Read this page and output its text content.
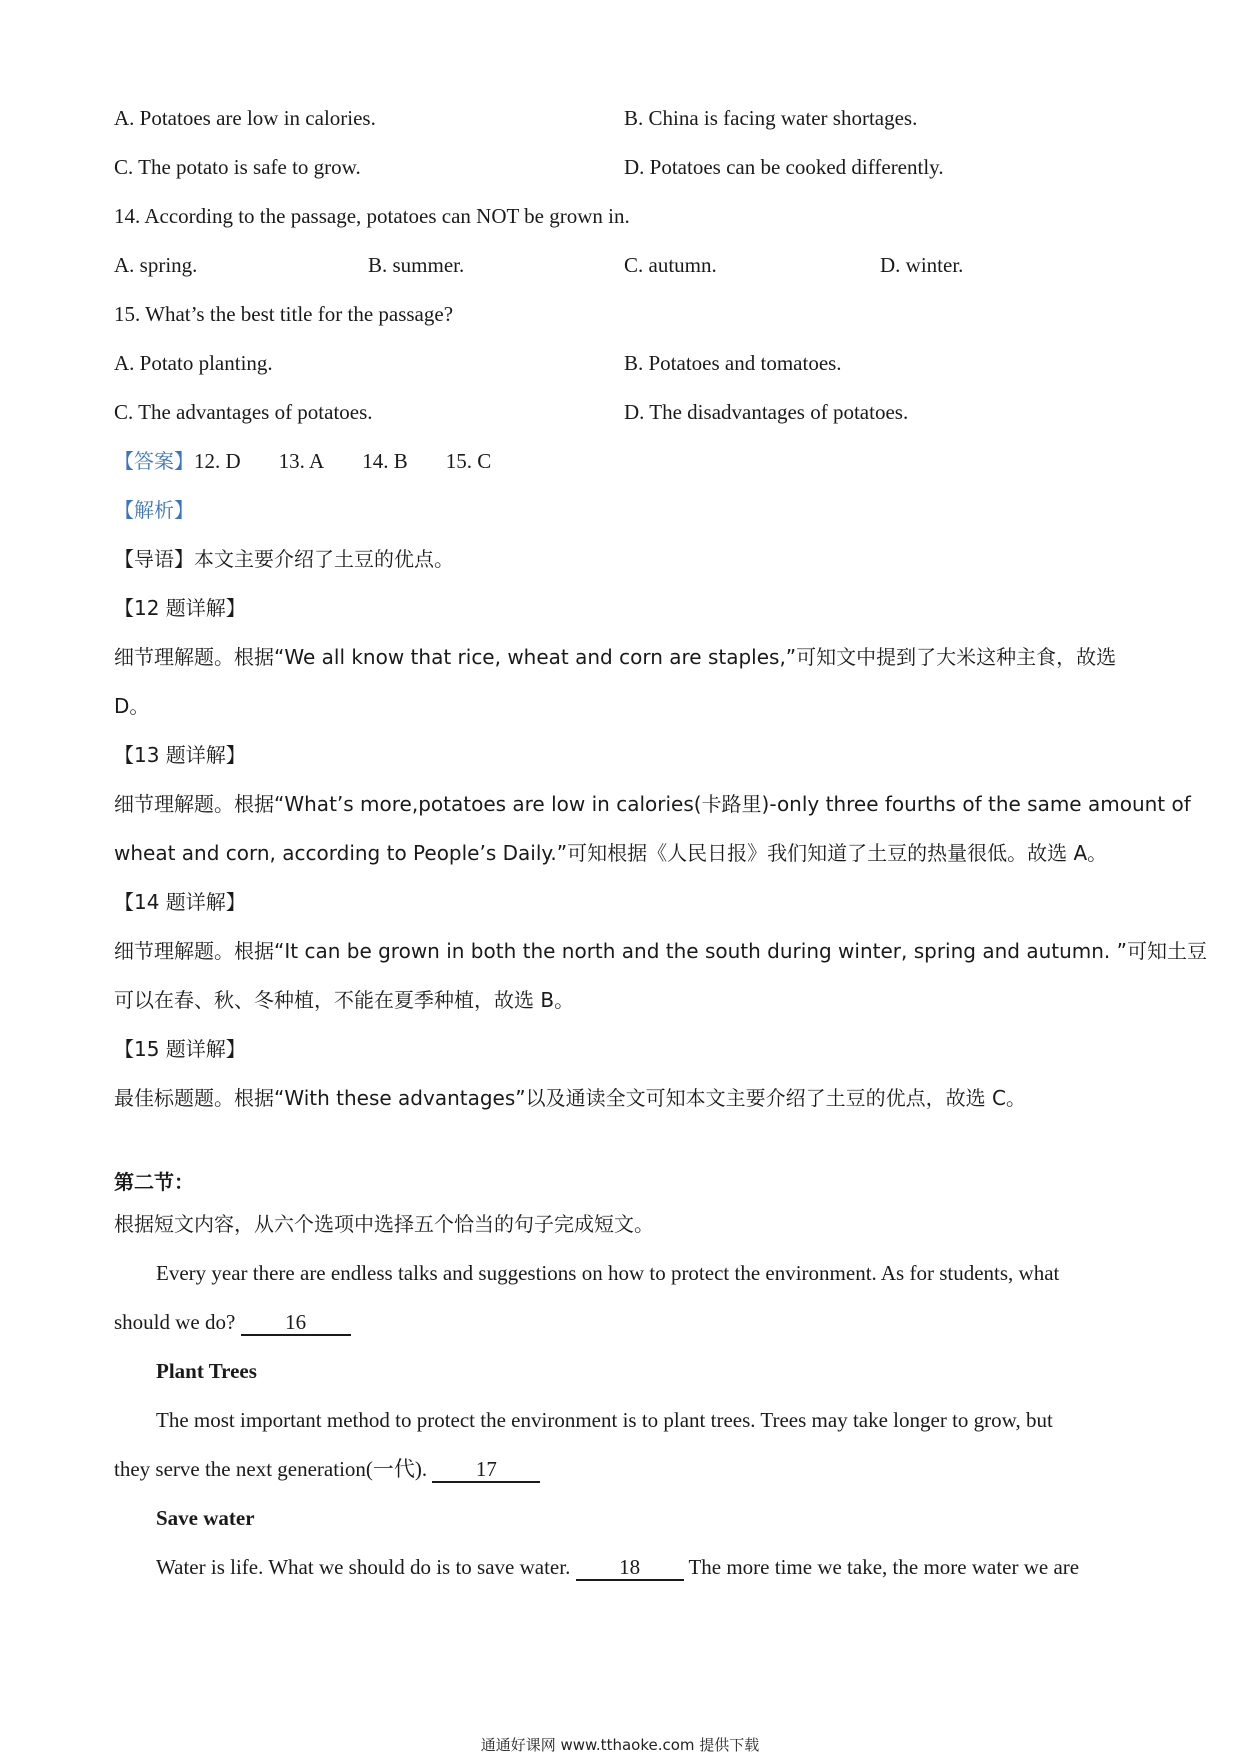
A. Potatoes are low in calories.	B. China is facing water shortages.
C. The potato is safe to grow.	D. Potatoes can be cooked differently.
14. According to the passage, potatoes can NOT be grown in.
A. spring.	B. summer.	C. autumn.	D. winter.
15. What’s the best title for the passage?
A. Potato planting.	B. Potatoes and tomatoes.
C. The advantages of potatoes.	D. The disadvantages of potatoes.
【答案】12. D 13. A 14. B 15. C
【解析】
【导语】本文主要介绍了土豆的优点。
【12 题详解】
细节理解题。根据“We all know that rice, wheat and corn are staples,”可知文中提到了大米这种主食，故选
D。
【13 题详解】
细节理解题。根据“What’s more,potatoes are low in calories(卡路里)-only three fourths of the same amount of
wheat and corn, according to People’s Daily.”可知根据《人民日报》我们知道了土豆的热量很低。故选 A。
【14 题详解】
细节理解题。根据“It can be grown in both the north and the south during winter, spring and autumn. ”可知土豆
可以在春、秋、冬种植，不能在夏季种植，故选 B。
【15 题详解】
最佳标题题。根据“With these advantages”以及通读全文可知本文主要介绍了土豆的优点，故选 C。
第二节：
根据短文内容，从六个选项中选择五个恰当的句子完成短文。
Every year there are endless talks and suggestions on how to protect the environment. As for students, what
should we do? 16
Plant Trees
The most important method to protect the environment is to plant trees. Trees may take longer to grow, but
they serve the next generation(一代). 17
Save water
Water is life. What we should do is to save water. 18 The more time we take, the more water we are
通通好课网 www.tthaoke.com 提供下载
